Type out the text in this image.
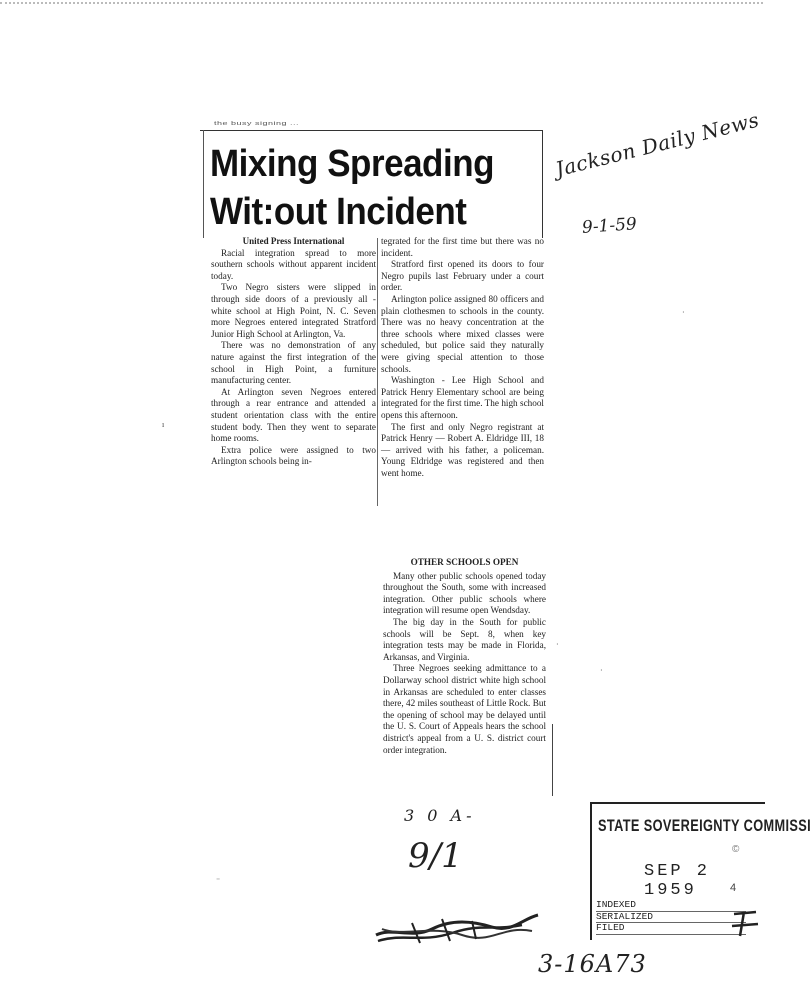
the busy signing ...
Mixing Spreading
Wit:out Incident

United Press International

Racial integration spread to more southern schools without apparent incident today.

Two Negro sisters were slipped in through side doors of a previously all - white school at High Point, N. C. Seven more Negroes entered integrated Stratford Junior High School at Arlington, Va.

There was no demonstration of any nature against the first integration of the school in High Point, a furniture manufacturing center.

At Arlington seven Negroes entered through a rear entrance and attended a student orientation class with the entire student body. Then they went to separate home rooms.

Extra police were assigned to two Arlington schools being in-

tegrated for the first time but there was no incident.

Stratford first opened its doors to four Negro pupils last February under a court order.

Arlington police assigned 80 officers and plain clothesmen to schools in the county. There was no heavy concentration at the three schools where mixed classes were scheduled, but police said they naturally were giving special attention to those schools.

Washington - Lee High School and Patrick Henry Elementary school are being integrated for the first time. The high school opens this afternoon.

The first and only Negro registrant at Patrick Henry — Robert A. Eldridge III, 18 — arrived with his father, a policeman. Young Eldridge was registered and then went home.

OTHER SCHOOLS OPEN

Many other public schools opened today throughout the South, some with increased integration. Other public schools where integration will resume open Wendsday.

The big day in the South for public schools will be Sept. 8, when key integration tests may be made in Florida, Arkansas, and Virginia.

Three Negroes seeking admittance to a Dollarway school district white high school in Arkansas are scheduled to enter classes there, 42 miles southeast of Little Rock. But the opening of school may be delayed until the U. S. Court of Appeals hears the school district's appeal from a U. S. district court order integration.

Jackson Daily News
9-1-59
3 0 A-
9/1
3-16A73
STATE SOVEREIGNTY COMMISSI
©
SEP 2 1959	4
INDEXED
SERIALIZED
FILED
ı
·
⁻
·
·
